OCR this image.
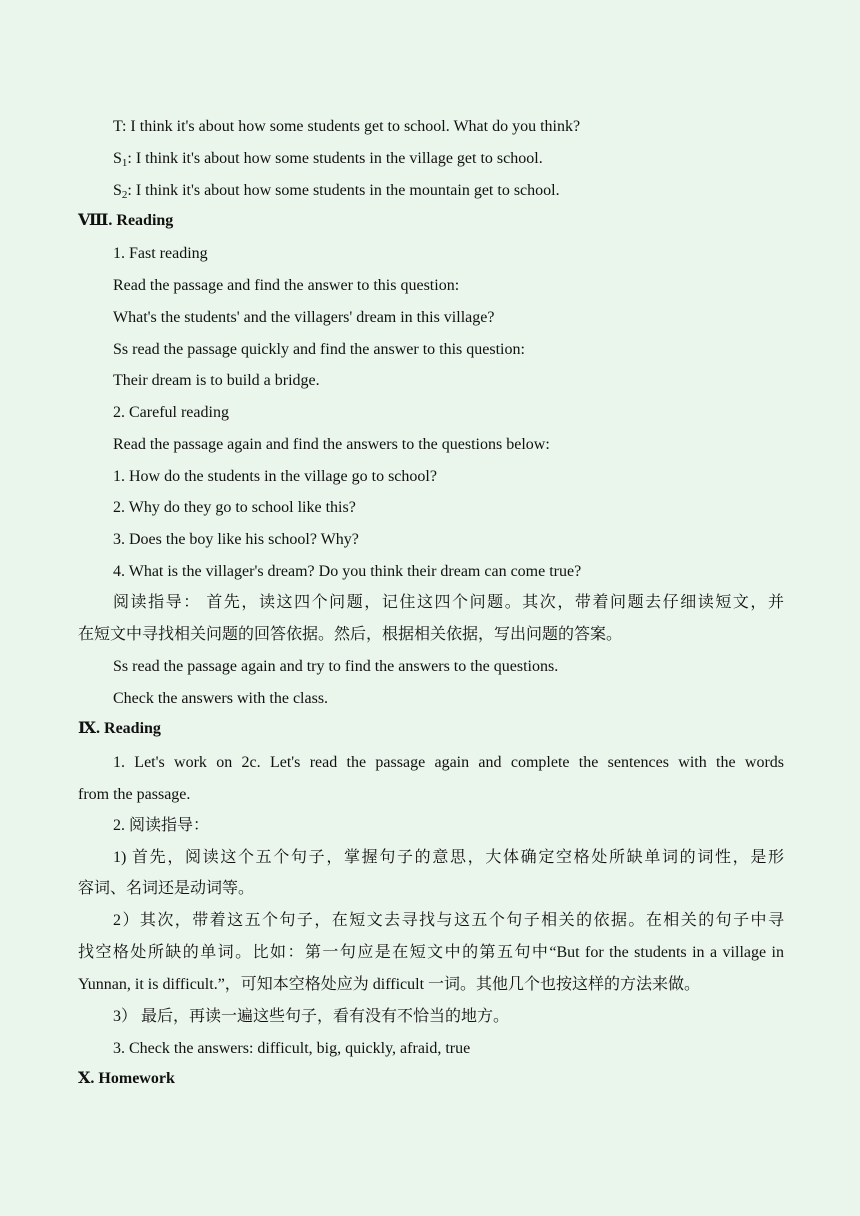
T: I think it's about how some students get to school. What do you think?
$S_1$: I think it's about how some students in the village get to school.
$S_2$: I think it's about how some students in the mountain get to school.
Ⅷ. Reading
1. Fast reading
Read the passage and find the answer to this question:
What's the students' and the villagers' dream in this village?
Ss read the passage quickly and find the answer to this question:
Their dream is to build a bridge.
2. Careful reading
Read the passage again and find the answers to the questions below:
1. How do the students in the village go to school?
2. Why do they go to school like this?
3. Does the boy like his school? Why?
4. What is the villager's dream? Do you think their dream can come true?
阅读指导： 首先，读这四个问题，记住这四个问题。其次，带着问题去仔细读短文，并
在短文中寻找相关问题的回答依据。然后，根据相关依据，写出问题的答案。
Ss read the passage again and try to find the answers to the questions.
Check the answers with the class.
Ⅸ. Reading
1. Let's work on 2c. Let's read the passage again and complete the sentences with the words
from the passage.
2. 阅读指导：
1) 首先，阅读这个五个句子，掌握句子的意思，大体确定空格处所缺单词的词性，是形
容词、名词还是动词等。
2）其次，带着这五个句子，在短文去寻找与这五个句子相关的依据。在相关的句子中寻
找空格处所缺的单词。比如：第一句应是在短文中的第五句中“But for the students in a village in
Yunnan, it is difficult.”，可知本空格处应为 difficult 一词。其他几个也按这样的方法来做。
3） 最后，再读一遍这些句子，看有没有不恰当的地方。
3. Check the answers: difficult, big, quickly, afraid, true
Ⅹ. Homework
